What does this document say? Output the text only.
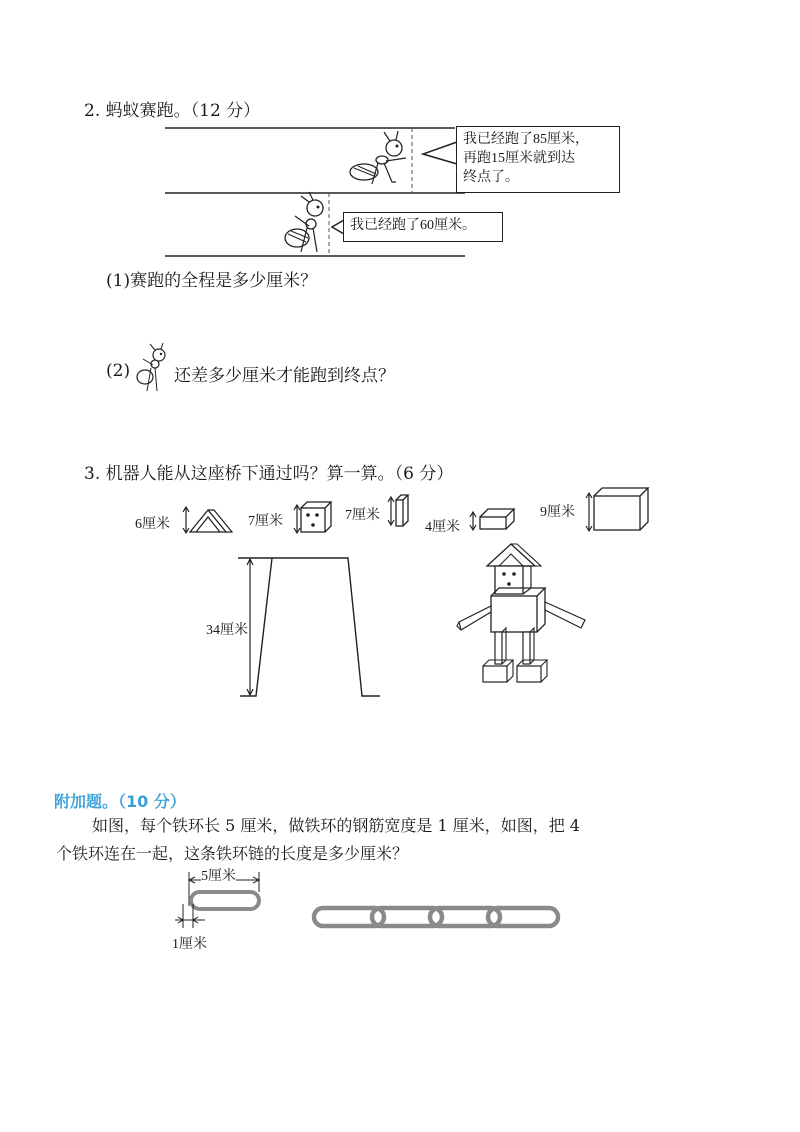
2. 蚂蚁赛跑。（12 分）
我已经跑了85厘米，
再跑15厘米就到达
终点了。
我已经跑了60厘米。
(1)赛跑的全程是多少厘米？
(2)	还差多少厘米才能跑到终点？
3. 机器人能从这座桥下通过吗？算一算。（6 分）
6厘米	7厘米	7厘米
4厘米
9厘米
34厘米
附加题。（10 分）
如图，每个铁环长 5 厘米，做铁环的钢筋宽度是 1 厘米，如图，把 4
个铁环连在一起，这条铁环链的长度是多少厘米？
5厘米
1厘米
